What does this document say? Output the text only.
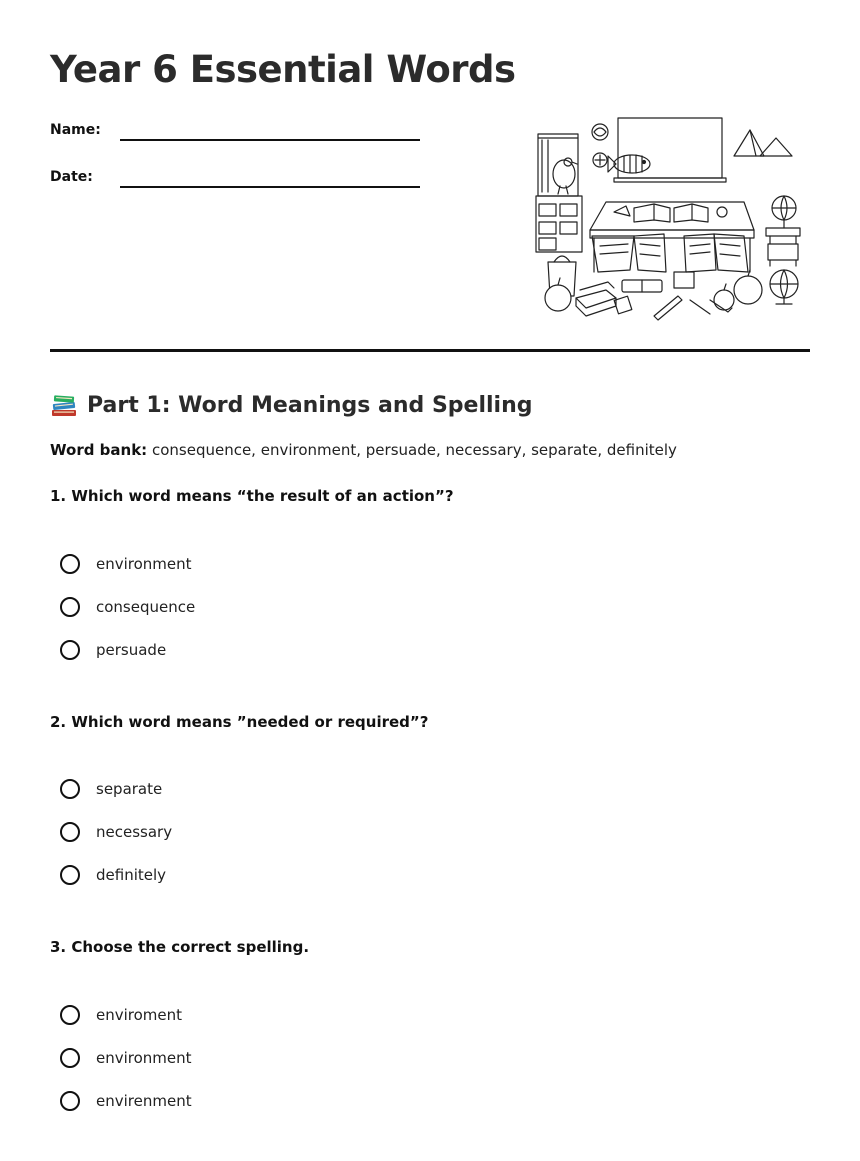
Year 6 Essential Words
Name:
Date:
Part 1: Word Meanings and Spelling
Word bank: consequence, environment, persuade, necessary, separate, definitely
1. Which word means “the result of an action”?
environment
consequence
persuade
2. Which word means ”needed or required”?
separate
necessary
definitely
3. Choose the correct spelling.
enviroment
environment
envirenment
